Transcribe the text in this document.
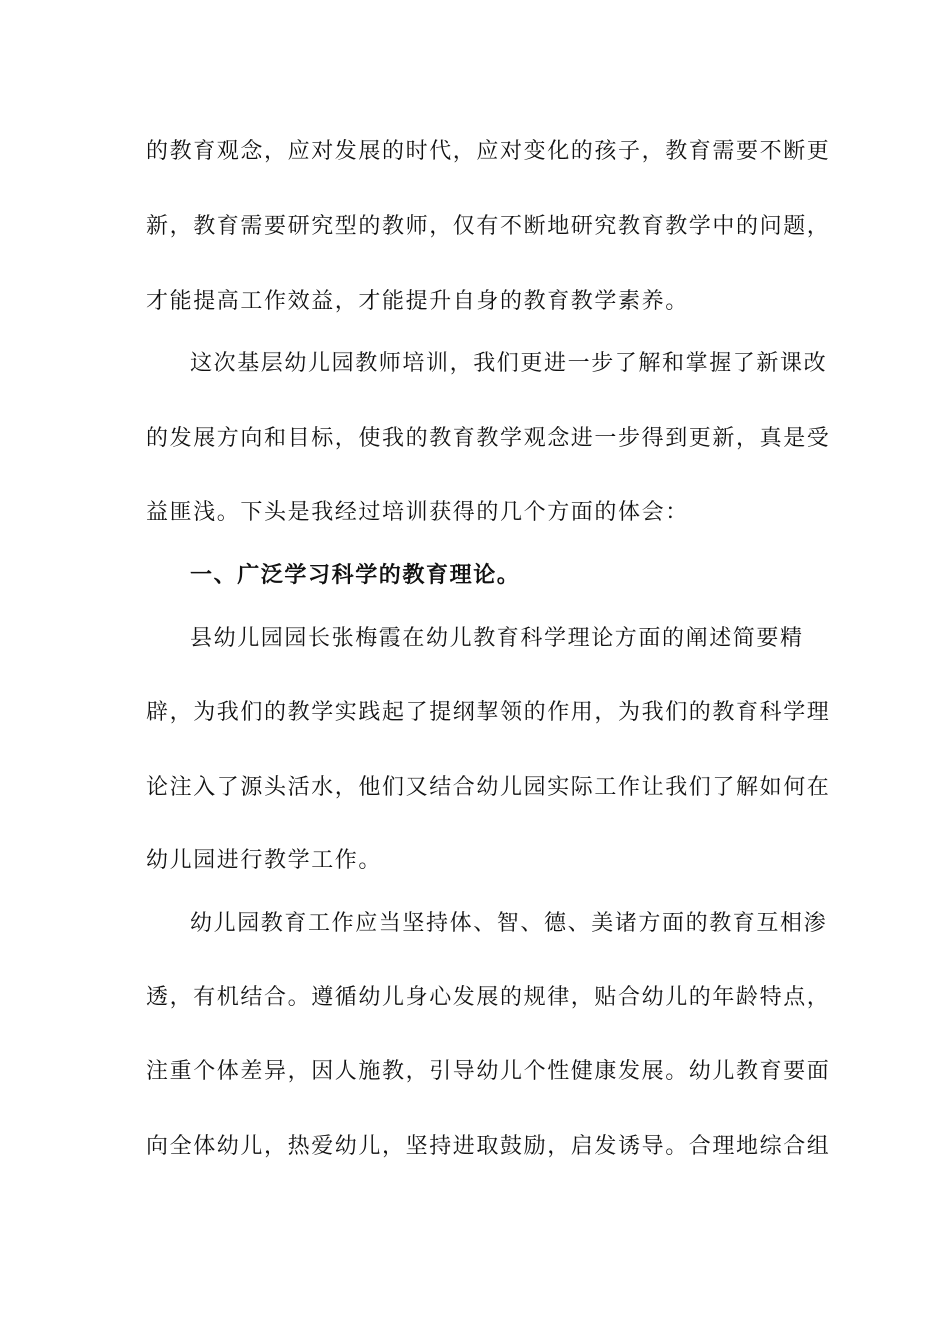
的教育观念，应对发展的时代，应对变化的孩子，教育需要不断更
新，教育需要研究型的教师，仅有不断地研究教育教学中的问题，
才能提高工作效益，才能提升自身的教育教学素养。
这次基层幼儿园教师培训，我们更进一步了解和掌握了新课改
的发展方向和目标，使我的教育教学观念进一步得到更新，真是受
益匪浅。下头是我经过培训获得的几个方面的体会：
一、广泛学习科学的教育理论。
县幼儿园园长张梅霞在幼儿教育科学理论方面的阐述简要精
辟，为我们的教学实践起了提纲挈领的作用，为我们的教育科学理
论注入了源头活水，他们又结合幼儿园实际工作让我们了解如何在
幼儿园进行教学工作。
幼儿园教育工作应当坚持体、智、德、美诸方面的教育互相渗
透，有机结合。遵循幼儿身心发展的规律，贴合幼儿的年龄特点，
注重个体差异，因人施教，引导幼儿个性健康发展。幼儿教育要面
向全体幼儿，热爱幼儿，坚持进取鼓励，启发诱导。合理地综合组
